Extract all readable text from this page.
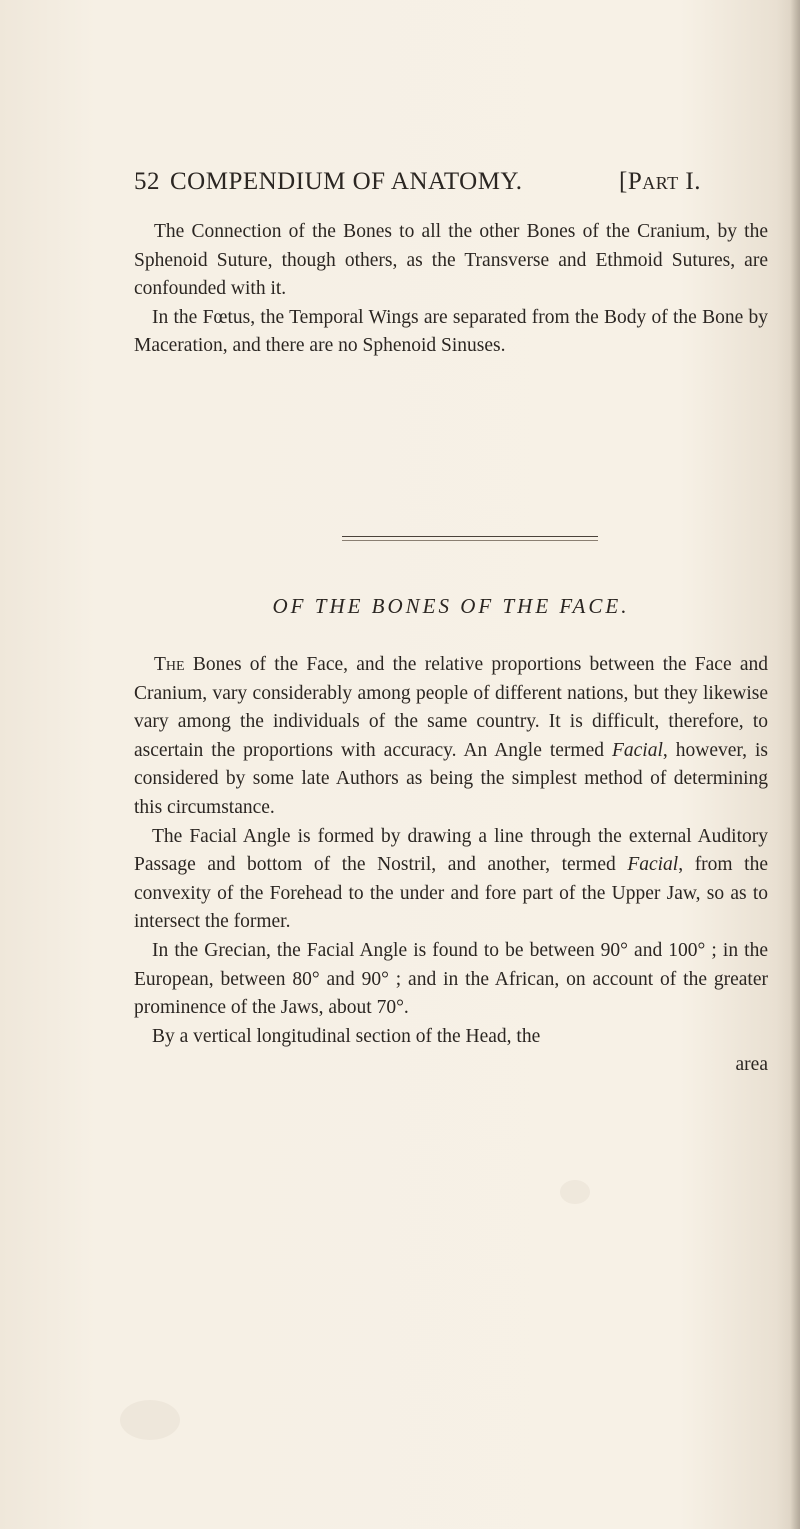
52 COMPENDIUM OF ANATOMY.	[Part I.

The Connection of the Bones to all the other Bones of the Cranium, by the Sphenoid Suture, though others, as the Transverse and Ethmoid Sutures, are confounded with it.

In the Fœtus, the Temporal Wings are separated from the Body of the Bone by Maceration, and there are no Sphenoid Sinuses.

OF THE BONES OF THE FACE.

The Bones of the Face, and the relative proportions between the Face and Cranium, vary considerably among people of different nations, but they likewise vary among the individuals of the same country. It is difficult, therefore, to ascertain the proportions with accuracy. An Angle termed Facial, however, is considered by some late Authors as being the simplest method of determining this circumstance.

The Facial Angle is formed by drawing a line through the external Auditory Passage and bottom of the Nostril, and another, termed Facial, from the convexity of the Forehead to the under and fore part of the Upper Jaw, so as to intersect the former.

In the Grecian, the Facial Angle is found to be between 90° and 100° ; in the European, between 80° and 90° ; and in the African, on account of the greater prominence of the Jaws, about 70°.

By a vertical longitudinal section of the Head, the

area
